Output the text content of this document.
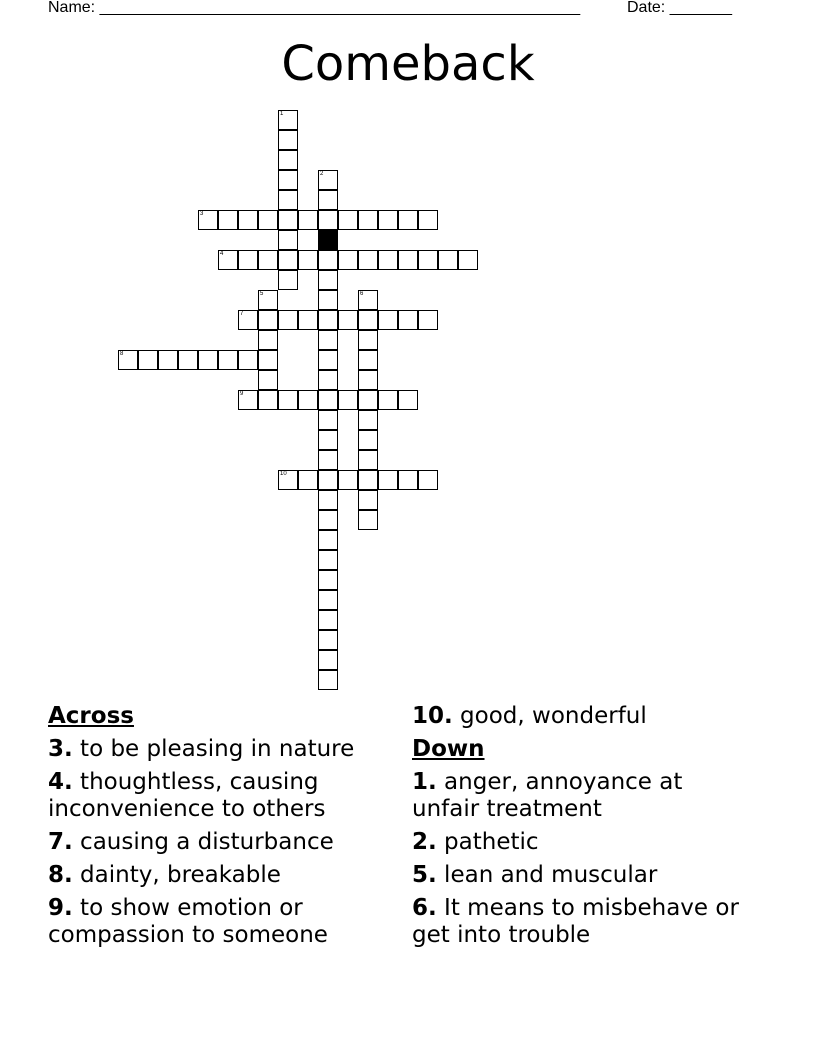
Name: ______________________________________________________	Date: _______
Comeback
1
2
3
4
5	6
7
8
9
10
Across
3. to be pleasing in nature
4. thoughtless, causing inconvenience to others
7. causing a disturbance
8. dainty, breakable
9. to show emotion or compassion to someone
10. good, wonderful
Down
1. anger, annoyance at unfair treatment
2. pathetic
5. lean and muscular
6. It means to misbehave or get into trouble
